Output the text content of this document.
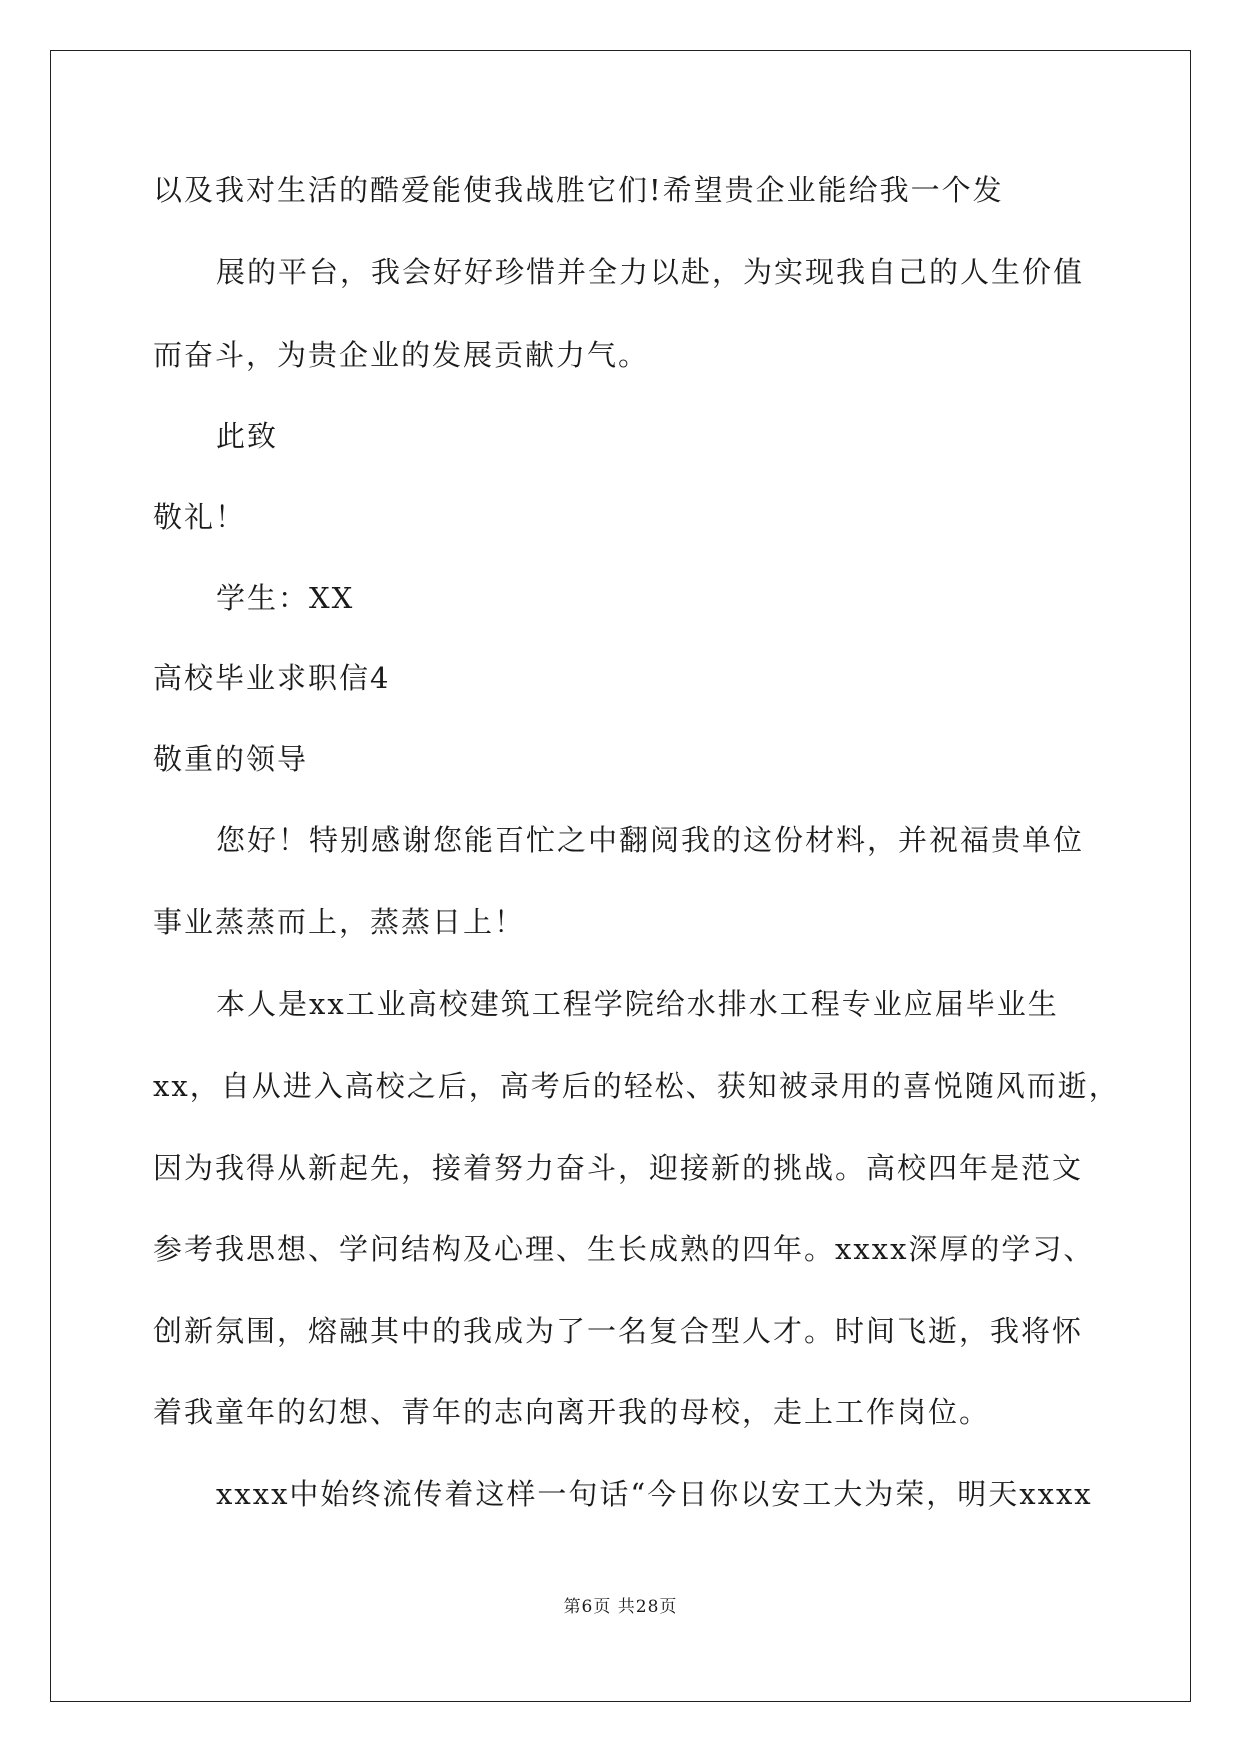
以及我对生活的酷爱能使我战胜它们!希望贵企业能给我一个发
展的平台，我会好好珍惜并全力以赴，为实现我自己的人生价值
而奋斗，为贵企业的发展贡献力气。
此致
敬礼！
学生：XX
高校毕业求职信4
敬重的领导
您好！特别感谢您能百忙之中翻阅我的这份材料，并祝福贵单位
事业蒸蒸而上，蒸蒸日上！
本人是xx工业高校建筑工程学院给水排水工程专业应届毕业生
xx，自从进入高校之后，高考后的轻松、获知被录用的喜悦随风而逝，
因为我得从新起先，接着努力奋斗，迎接新的挑战。高校四年是范文
参考我思想、学问结构及心理、生长成熟的四年。xxxx深厚的学习、
创新氛围，熔融其中的我成为了一名复合型人才。时间飞逝，我将怀
着我童年的幻想、青年的志向离开我的母校，走上工作岗位。
xxxx中始终流传着这样一句话“今日你以安工大为荣，明天xxxx
第6页 共28页
